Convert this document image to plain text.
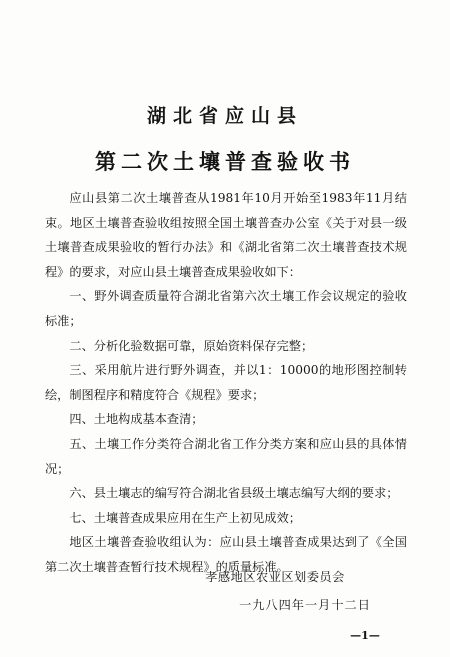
湖北省应山县
第二次土壤普查验收书

应山县第二次土壤普查从1981年10月开始至1983年11月结束。地区土壤普查验收组按照全国土壤普查办公室《关于对县一级土壤普查成果验收的暂行办法》和《湖北省第二次土壤普查技术规程》的要求，对应山县土壤普查成果验收如下：

一、野外调查质量符合湖北省第六次土壤工作会议规定的验收标准；

二、分析化验数据可靠，原始资料保存完整；

三、采用航片进行野外调查，并以1：10000的地形图控制转绘，制图程序和精度符合《规程》要求；

四、土地构成基本查清；

五、土壤工作分类符合湖北省工作分类方案和应山县的具体情况；

六、县土壤志的编写符合湖北省县级土壤志编写大纲的要求；

七、土壤普查成果应用在生产上初见成效；

地区土壤普查验收组认为：应山县土壤普查成果达到了《全国第二次土壤普查暂行技术规程》的质量标准。

孝感地区农业区划委员会
一九八四年一月十二日
—1—
